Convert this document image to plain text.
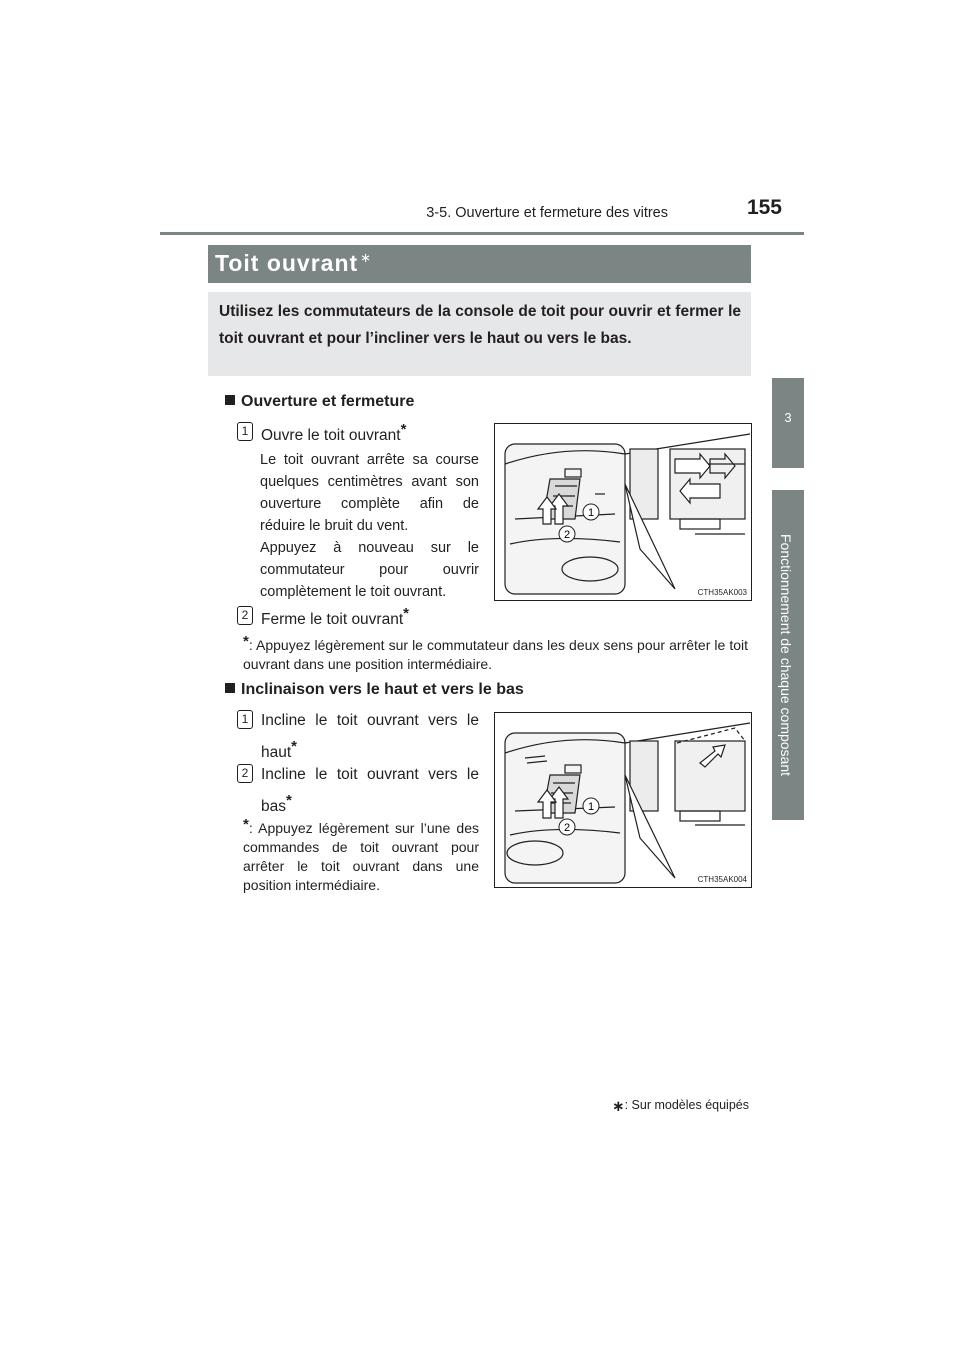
3-5. Ouverture et fermeture des vitres	155
3
Fonctionnement de chaque composant
Toit ouvrant ∗
Utilisez les commutateurs de la console de toit pour ouvrir et fermer le toit ouvrant et pour l’incliner vers le haut ou vers le bas.
Ouverture et fermeture
1 Ouvre le toit ouvrant*
Le toit ouvrant arrête sa course quelques centimètres avant son ouverture complète afin de réduire le bruit du vent.
Appuyez à nouveau sur le commutateur pour ouvrir complètement le toit ouvrant.
2 Ferme le toit ouvrant*
*: Appuyez légèrement sur le commutateur dans les deux sens pour arrêter le toit ouvrant dans une position intermédiaire.
1
2
CTH35AK003
Inclinaison vers le haut et vers le bas
1 Incline le toit ouvrant vers le haut*
2 Incline le toit ouvrant vers le bas*
*: Appuyez légèrement sur l’une des commandes de toit ouvrant pour arrêter le toit ouvrant dans une position intermédiaire.
1
2
CTH35AK004
∗: Sur modèles équipés
